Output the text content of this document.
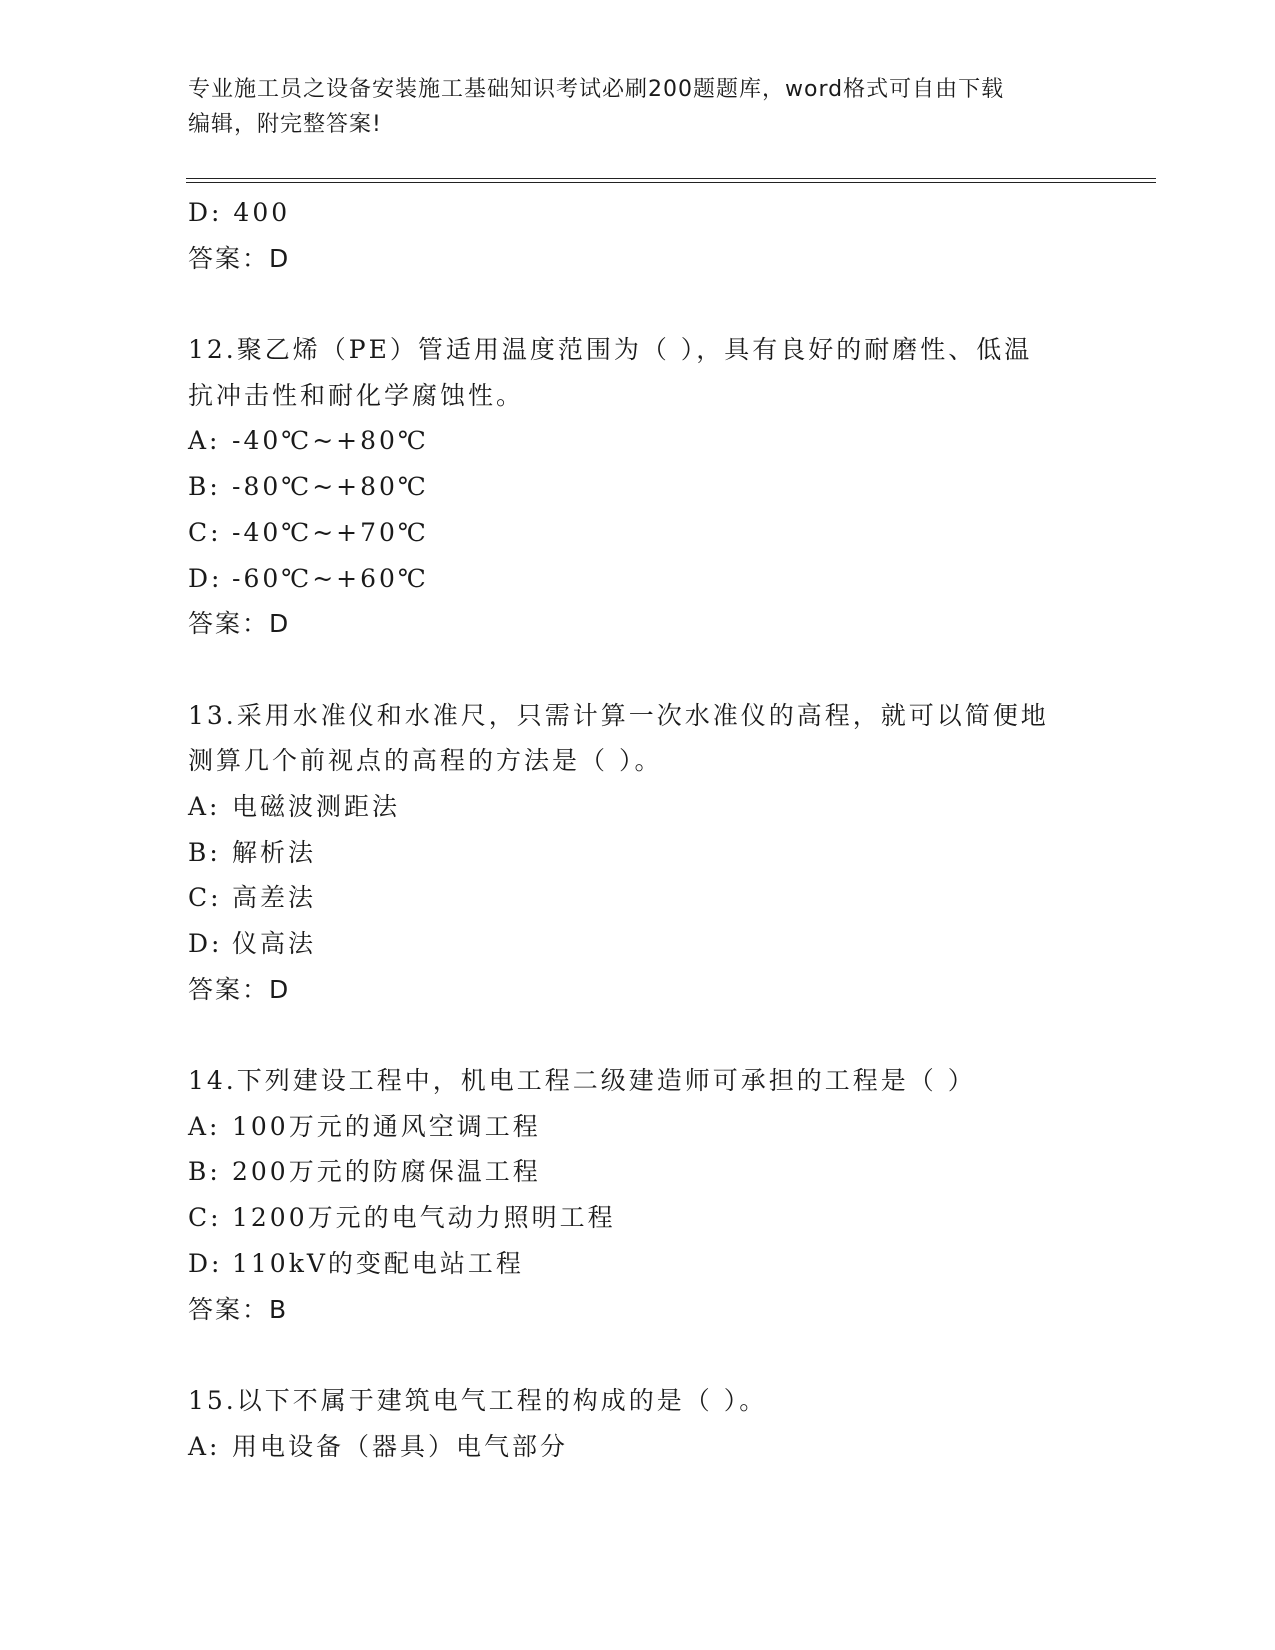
专业施工员之设备安装施工基础知识考试必刷200题题库，word格式可自由下载
编辑，附完整答案!
D: 400
答案：D
12.聚乙烯（PE）管适用温度范围为（ ），具有良好的耐磨性、低温
抗冲击性和耐化学腐蚀性。
A: -40℃~+80℃
B: -80℃~+80℃
C: -40℃~+70℃
D: -60℃~+60℃
答案：D
13.采用水准仪和水准尺，只需计算一次水准仪的高程，就可以简便地
测算几个前视点的高程的方法是（ ）。
A: 电磁波测距法
B: 解析法
C: 高差法
D: 仪高法
答案：D
14.下列建设工程中，机电工程二级建造师可承担的工程是（ ）
A: 100万元的通风空调工程
B: 200万元的防腐保温工程
C: 1200万元的电气动力照明工程
D: 110kV的变配电站工程
答案：B
15.以下不属于建筑电气工程的构成的是（ ）。
A: 用电设备（器具）电气部分
